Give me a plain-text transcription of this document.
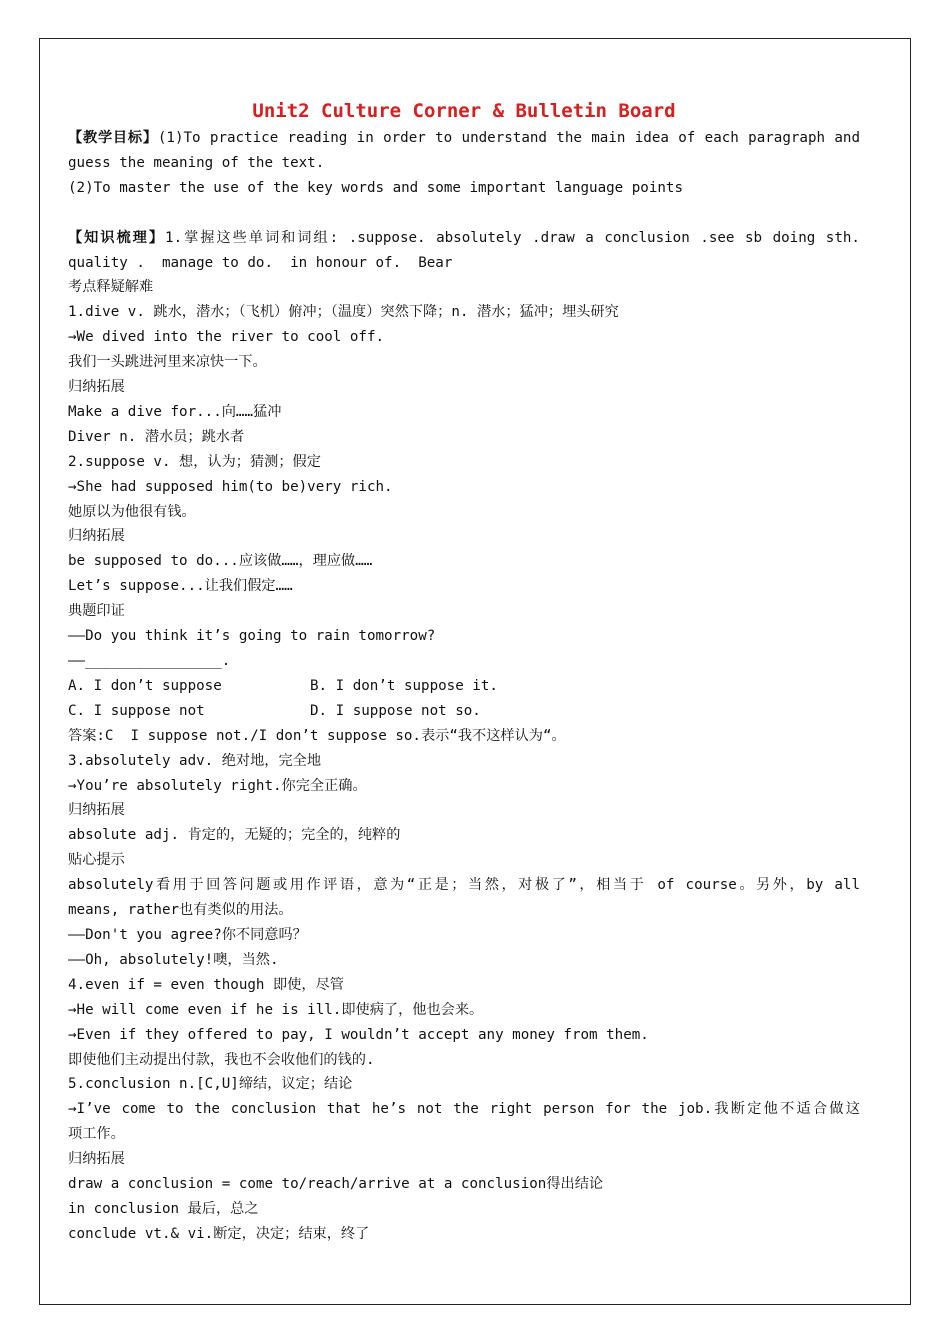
Unit2 Culture Corner & Bulletin Board
【教学目标】(1)To practice reading in order to understand the main idea of each paragraph and
guess the meaning of the text.
(2)To master the use of the key words and some important language points
【知识梳理】1.掌握这些单词和词组: .suppose. absolutely .draw a conclusion .see sb doing sth.
quality .  manage to do.  in honour of.  Bear
考点释疑解难
1.dive v. 跳水，潜水；（飞机）俯冲；（温度）突然下降；n. 潜水；猛冲；埋头研究
→We dived into the river to cool off.
我们一头跳进河里来凉快一下。
归纳拓展
Make a dive for...向……猛冲
Diver n. 潜水员；跳水者
2.suppose v. 想，认为；猜测；假定
→She had supposed him(to be)very rich.
她原以为他很有钱。
归纳拓展
be supposed to do...应该做……，理应做……
Let’s suppose...让我们假定……
典题印证
——Do you think it’s going to rain tomorrow?
——________________.
A. I don’t suppose	B. I don’t suppose it.
C. I suppose not	D. I suppose not so.
答案:C  I suppose not./I don’t suppose so.表示“我不这样认为“。
3.absolutely adv. 绝对地，完全地
→You’re absolutely right.你完全正确。
归纳拓展
absolute adj. 肯定的，无疑的；完全的，纯粹的
贴心提示
absolutely看用于回答问题或用作评语，意为“正是；当然，对极了”，相当于 of course。另外，by all
means, rather也有类似的用法。
——Don't you agree?你不同意吗？
——Oh, absolutely!噢，当然.
4.even if = even though 即使，尽管
→He will come even if he is ill.即使病了，他也会来。
→Even if they offered to pay, I wouldn’t accept any money from them.
即使他们主动提出付款，我也不会收他们的钱的.
5.conclusion n.[C,U]缔结，议定；结论
→I’ve come to the conclusion that he’s not the right person for the job.我断定他不适合做这
项工作。
归纳拓展
draw a conclusion = come to/reach/arrive at a conclusion得出结论
in conclusion 最后，总之
conclude vt.& vi.断定，决定；结束，终了
